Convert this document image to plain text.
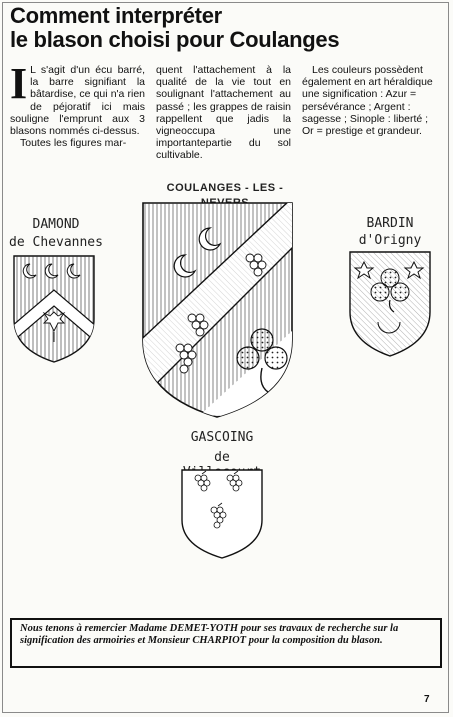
Comment interpréter
le blason choisi pour Coulanges

I L s'agit d'un écu barré, la barre signifiant la bâtardise, ce qui n'a rien de péjoratif ici mais souligne l'emprunt aux 3 blasons nommés ci-dessus.

Toutes les figures mar-

quent l'attachement à la qualité de la vie tout en soulignant l'attachement au passé ; les grappes de raisin rappellent que jadis la vigneoccupa une importantepartie du sol cultivable.

Les couleurs possèdent également en art héraldique une signification : Azur = persévérance ; Argent : sagesse ; Sinople : liberté ; Or = prestige et grandeur.

COULANGES - LES -

DAMOND

de Chevannes

BARDIN

d'Origny

GASCOING

de

Nous tenons à remercier Madame DEMET-YOTH pour ses travaux de recherche sur la signification des armoiries et Monsieur CHARPIOT pour la composition du blason.

7
